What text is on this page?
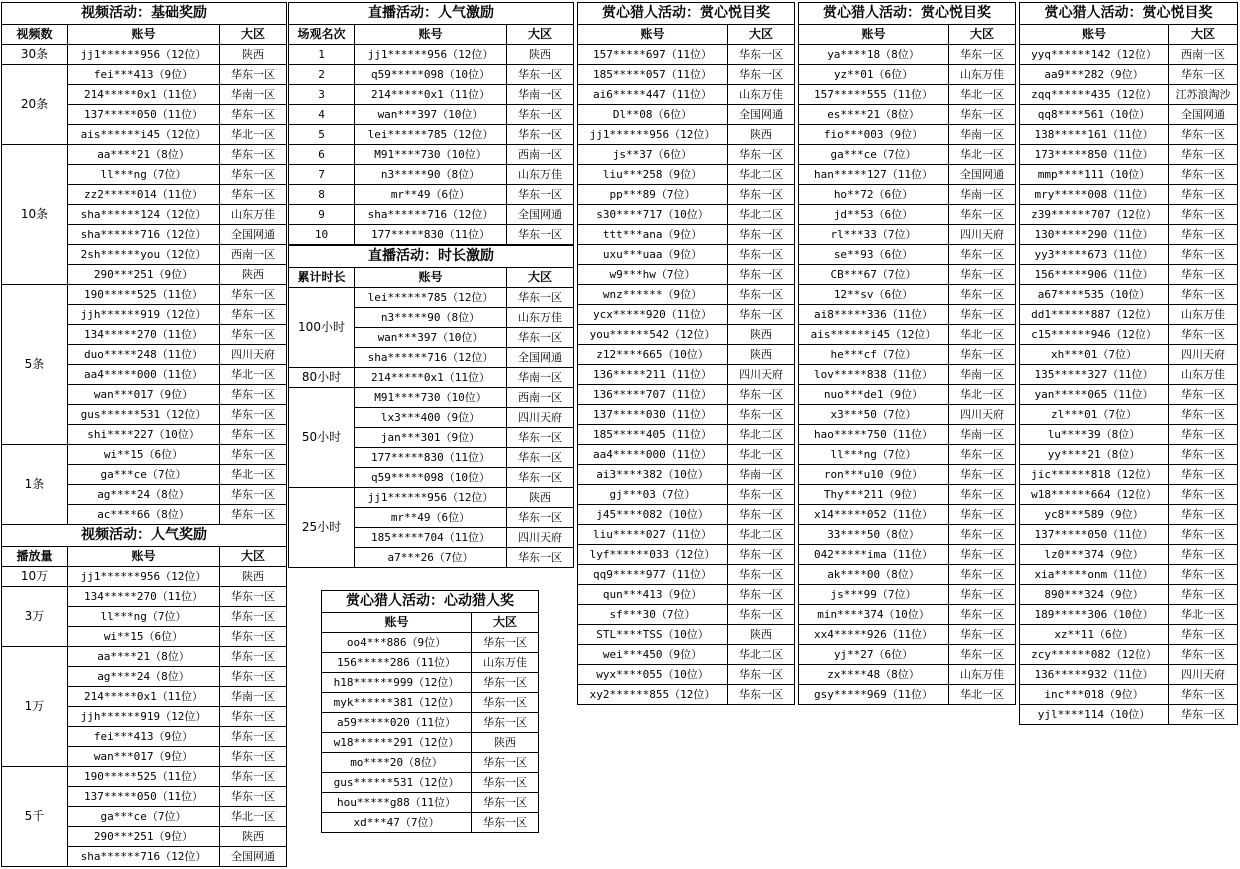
视频活动：基础奖励		
视频数	账号	大区
30条	jj1******956（12位）	陕西
20条	fei***413（9位）	华东一区
	214*****0x1（11位）	华南一区
	137*****050（11位）	华东一区
	ais******i45（12位）	华北一区
10条	aa****21（8位）	华东一区
	ll***ng（7位）	华东一区
	zz2*****014（11位）	华东一区
	sha******124（12位）	山东万佳
	sha******716（12位）	全国网通
	2sh******you（12位）	西南一区
	290***251（9位）	陕西
5条	190*****525（11位）	华东一区
	jjh******919（12位）	华东一区
	134*****270（11位）	华东一区
	duo*****248（11位）	四川天府
	aa4*****000（11位）	华北一区
	wan***017（9位）	华东一区
	gus******531（12位）	华东一区
	shi****227（10位）	华东一区
1条	wi**15（6位）	华东一区
	ga***ce（7位）	华北一区
	ag****24（8位）	华东一区
	ac****66（8位）	华东一区
视频活动：人气奖励		
播放量	账号	大区
10万	jj1******956（12位）	陕西
3万	134*****270（11位）	华东一区
	ll***ng（7位）	华东一区
	wi**15（6位）	华东一区
1万	aa****21（8位）	华东一区
	ag****24（8位）	华东一区
	214*****0x1（11位）	华南一区
	jjh******919（12位）	华东一区
	fei***413（9位）	华东一区
	wan***017（9位）	华东一区
5千	190*****525（11位）	华东一区
	137*****050（11位）	华东一区
	ga***ce（7位）	华北一区
	290***251（9位）	陕西
	sha******716（12位）	全国网通
直播活动：人气激励		
场观名次	账号	大区
1	jj1******956（12位）	陕西
2	q59*****098（10位）	华东一区
3	214*****0x1（11位）	华南一区
4	wan***397（10位）	华东一区
5	lei******785（12位）	华东一区
6	M91****730（10位）	西南一区
7	n3*****90（8位）	山东万佳
8	mr**49（6位）	华东一区
9	sha******716（12位）	全国网通
10	177*****830（11位）	华东一区
直播活动：时长激励		
累计时长	账号	大区
100小时	lei******785（12位）	华东一区
	n3*****90（8位）	山东万佳
	wan***397（10位）	华东一区
	sha******716（12位）	全国网通
80小时	214*****0x1（11位）	华南一区
50小时	M91****730（10位）	西南一区
	lx3***400（9位）	四川天府
	jan***301（9位）	华东一区
	177*****830（11位）	华东一区
	q59*****098（10位）	华东一区
25小时	jj1******956（12位）	陕西
	mr**49（6位）	华东一区
	185*****704（11位）	四川天府
	a7***26（7位）	华东一区
赏心猎人活动：心动猎人奖	
账号	大区
oo4***886（9位）	华东一区
156*****286（11位）	山东万佳
h18******999（12位）	华东一区
myk******381（12位）	华东一区
a59*****020（11位）	华东一区
w18******291（12位）	陕西
mo****20（8位）	华东一区
gus******531（12位）	华东一区
hou*****g88（11位）	华东一区
xd***47（7位）	华东一区
赏心猎人活动：赏心悦目奖	
账号	大区
157*****697（11位）	华东一区
185*****057（11位）	华东一区
ai6*****447（11位）	山东万佳
Dl**08（6位）	全国网通
jj1******956（12位）	陕西
js**37（6位）	华东一区
liu***258（9位）	华北二区
pp***89（7位）	华东一区
s30****717（10位）	华北二区
ttt***ana（9位）	华东一区
uxu***uaa（9位）	华东一区
w9***hw（7位）	华东一区
wnz******（9位）	华东一区
ycx*****920（11位）	华东一区
you******542（12位）	陕西
z12****665（10位）	陕西
136*****211（11位）	四川天府
136*****707（11位）	华东一区
137*****030（11位）	华东一区
185*****405（11位）	华北二区
aa4*****000（11位）	华北一区
ai3****382（10位）	华南一区
gj***03（7位）	华东一区
j45****082（10位）	华东一区
liu*****027（11位）	华北二区
lyf******033（12位）	华东一区
qq9*****977（11位）	华东一区
qun***413（9位）	华东一区
sf***30（7位）	华东一区
STL****TSS（10位）	陕西
wei***450（9位）	华北二区
wyx****055（10位）	华东一区
xy2******855（12位）	华东一区
赏心猎人活动：赏心悦目奖	
账号	大区
ya****18（8位）	华东一区
yz**01（6位）	山东万佳
157*****555（11位）	华北一区
es****21（8位）	华东一区
fio***003（9位）	华南一区
ga***ce（7位）	华北一区
han*****127（11位）	全国网通
ho**72（6位）	华南一区
jd**53（6位）	华东一区
rl***33（7位）	四川天府
se**93（6位）	华东一区
CB***67（7位）	华东一区
12**sv（6位）	华东一区
ai8*****336（11位）	华东一区
ais******i45（12位）	华北一区
he***cf（7位）	华东一区
lov*****838（11位）	华南一区
nuo***de1（9位）	华北一区
x3***50（7位）	四川天府
hao*****750（11位）	华南一区
ll***ng（7位）	华东一区
ron***u10（9位）	华东一区
Thy***211（9位）	华东一区
x14*****052（11位）	华东一区
33****50（8位）	华东一区
042*****ima（11位）	华东一区
ak****00（8位）	华东一区
js***99（7位）	华东一区
min****374（10位）	华东一区
xx4*****926（11位）	华东一区
yj**27（6位）	华东一区
zx****48（8位）	山东万佳
gsy*****969（11位）	华北一区
赏心猎人活动：赏心悦目奖	
账号	大区
yyq******142（12位）	西南一区
aa9***282（9位）	华东一区
zqq******435（12位）	江苏浪淘沙
qq8****561（10位）	全国网通
138*****161（11位）	华东一区
173*****850（11位）	华东一区
mmp****111（10位）	华东一区
mry*****008（11位）	华东一区
z39******707（12位）	华东一区
130*****290（11位）	华东一区
yy3*****673（11位）	华东一区
156*****906（11位）	华东一区
a67****535（10位）	华东一区
dd1******887（12位）	山东万佳
c15******946（12位）	华东一区
xh***01（7位）	四川天府
135*****327（11位）	山东万佳
yan*****065（11位）	华东一区
zl***01（7位）	华东一区
lu****39（8位）	华东一区
yy****21（8位）	华东一区
jic******818（12位）	华东一区
w18******664（12位）	华东一区
yc8***589（9位）	华东一区
137*****050（11位）	华东一区
lz0***374（9位）	华东一区
xia*****onm（11位）	华东一区
890***324（9位）	华东一区
189*****306（10位）	华北一区
xz**11（6位）	华东一区
zcy******082（12位）	华东一区
136*****932（11位）	四川天府
inc***018（9位）	华东一区
yjl****114（10位）	华东一区
